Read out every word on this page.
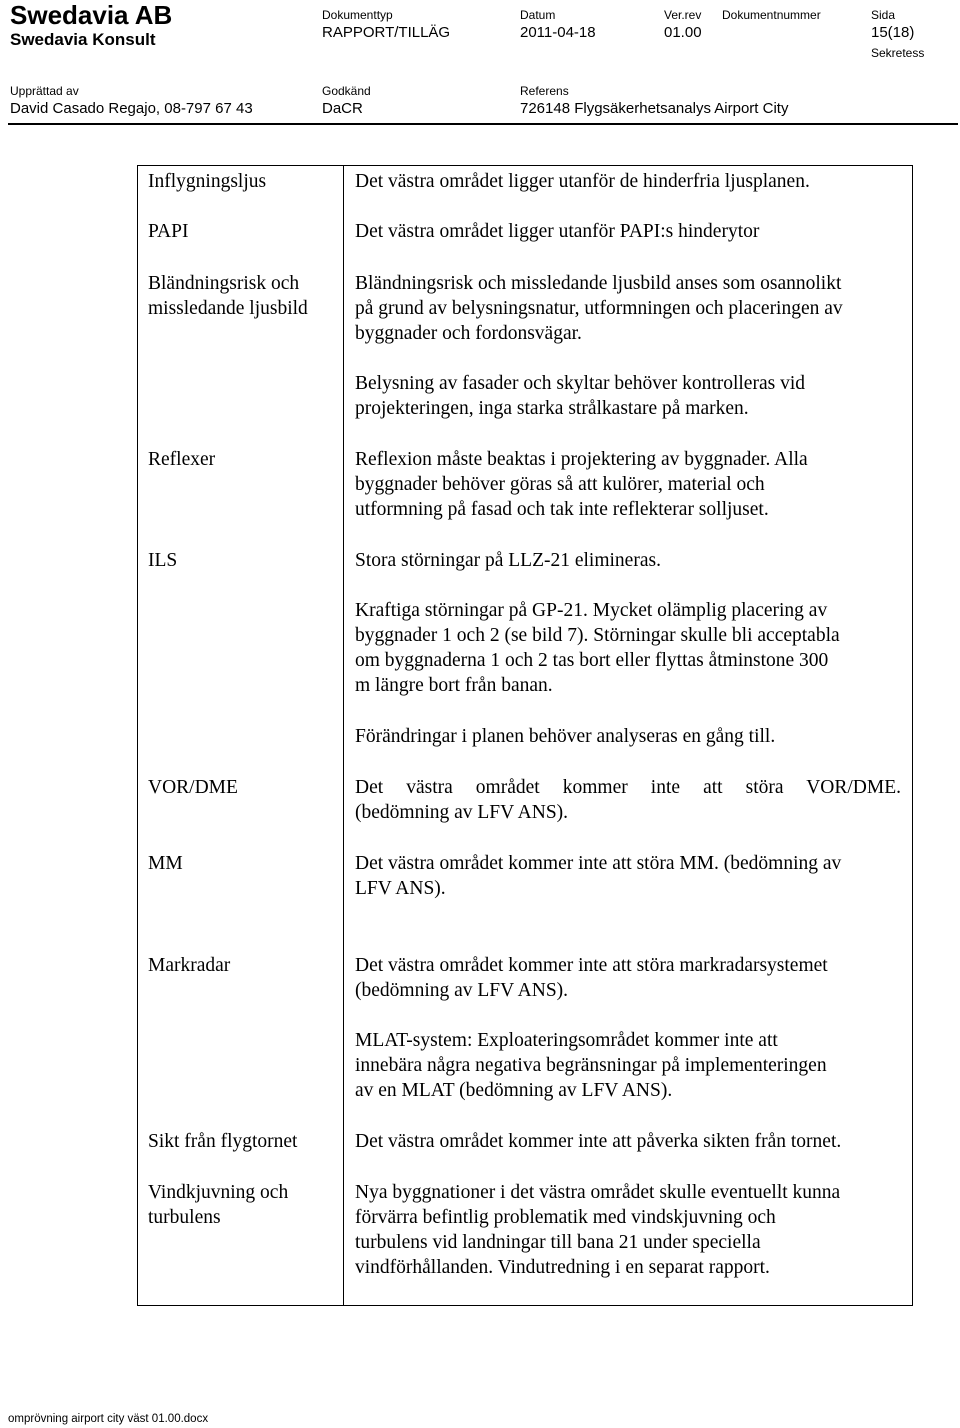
Swedavia AB
Swedavia Konsult
Dokumenttyp
RAPPORT/TILLÄG
Datum
2011-04-18
Ver.rev
01.00
Dokumentnummer	Sida
15(18)
Sekretess
Upprättad av
David Casado Regajo, 08-797 67 43
Godkänd
DaCR
Referens
726148 Flygsäkerhetsanalys Airport City
Inflygningsljus
PAPI
Bländningsrisk och
missledande ljusbild
Reflexer
ILS
VOR/DME
MM
Markradar
Sikt från flygtornet
Vindkjuvning och
turbulens
Det västra området ligger utanför de hinderfria ljusplanen.
Det västra området ligger utanför PAPI:s hinderytor
Bländningsrisk och missledande ljusbild anses som osannolikt
på grund av belysningsnatur, utformningen och placeringen av
byggnader och fordonsvägar.
Belysning av fasader och skyltar behöver kontrolleras vid
projekteringen, inga starka strålkastare på marken.
Reflexion måste beaktas i projektering av byggnader. Alla
byggnader behöver göras så att kulörer, material och
utformning på fasad och tak inte reflekterar solljuset.
Stora störningar på LLZ-21 elimineras.
Kraftiga störningar på GP-21. Mycket olämplig placering av
byggnader 1 och 2 (se bild 7). Störningar skulle bli acceptabla
om byggnaderna 1 och 2 tas bort eller flyttas åtminstone 300
m längre bort från banan.
Förändringar i planen behöver analyseras en gång till.
Det västra området kommer inte att störa VOR/DME.
(bedömning av LFV ANS).
Det västra området kommer inte att störa MM. (bedömning av
LFV ANS).
Det västra området kommer inte att störa markradarsystemet
(bedömning av LFV ANS).
MLAT-system: Exploateringsområdet kommer inte att
innebära några negativa begränsningar på implementeringen
av en MLAT (bedömning av LFV ANS).
Det västra området kommer inte att påverka sikten från tornet.
Nya byggnationer i det västra området skulle eventuellt kunna
förvärra befintlig problematik med vindskjuvning och
turbulens vid landningar till bana 21 under speciella
vindförhållanden. Vindutredning i en separat rapport.
omprövning airport city väst 01.00.docx
